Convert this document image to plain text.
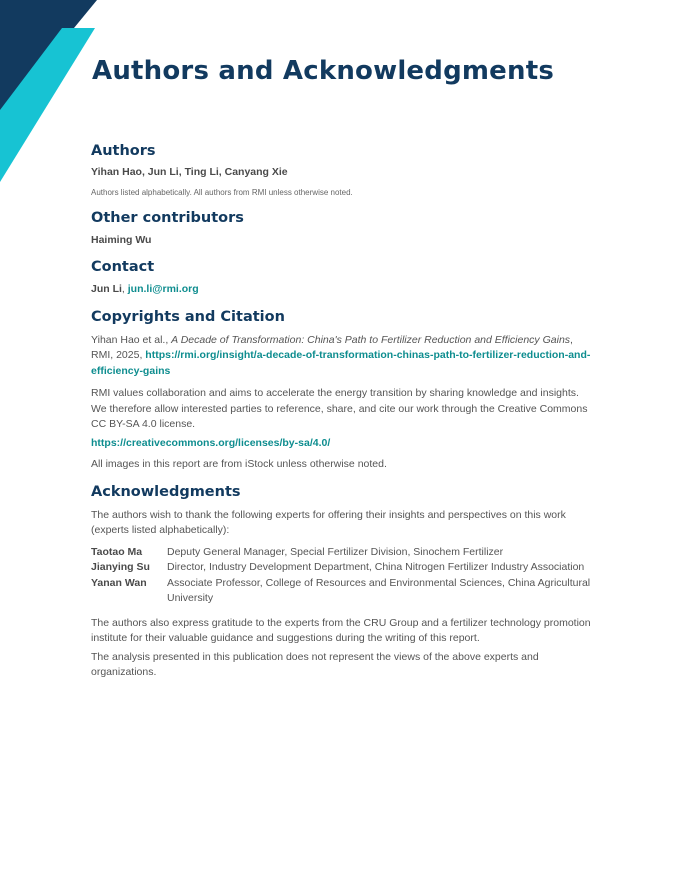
Authors and Acknowledgments
Authors

Yihan Hao, Jun Li, Ting Li, Canyang Xie

Authors listed alphabetically. All authors from RMI unless otherwise noted.

Other contributors

Haiming Wu

Contact

Jun Li, jun.li@rmi.org

Copyrights and Citation

Yihan Hao et al., A Decade of Transformation: China's Path to Fertilizer Reduction and Efficiency Gains, RMI, 2025, https://rmi.org/insight/a-decade-of-transformation-chinas-path-to-fertilizer-reduction-and-efficiency-gains

RMI values collaboration and aims to accelerate the energy transition by sharing knowledge and insights. We therefore allow interested parties to reference, share, and cite our work through the Creative Commons CC BY-SA 4.0 license.

https://creativecommons.org/licenses/by-sa/4.0/

All images in this report are from iStock unless otherwise noted.

Acknowledgments

The authors wish to thank the following experts for offering their insights and perspectives on this work (experts listed alphabetically):

Taotao Ma	Deputy General Manager, Special Fertilizer Division, Sinochem Fertilizer
Jianying Su	Director, Industry Development Department, China Nitrogen Fertilizer Industry Association
Yanan Wan	Associate Professor, College of Resources and Environmental Sciences, China Agricultural University

The authors also express gratitude to the experts from the CRU Group and a fertilizer technology promotion institute for their valuable guidance and suggestions during the writing of this report.

The analysis presented in this publication does not represent the views of the above experts and organizations.
